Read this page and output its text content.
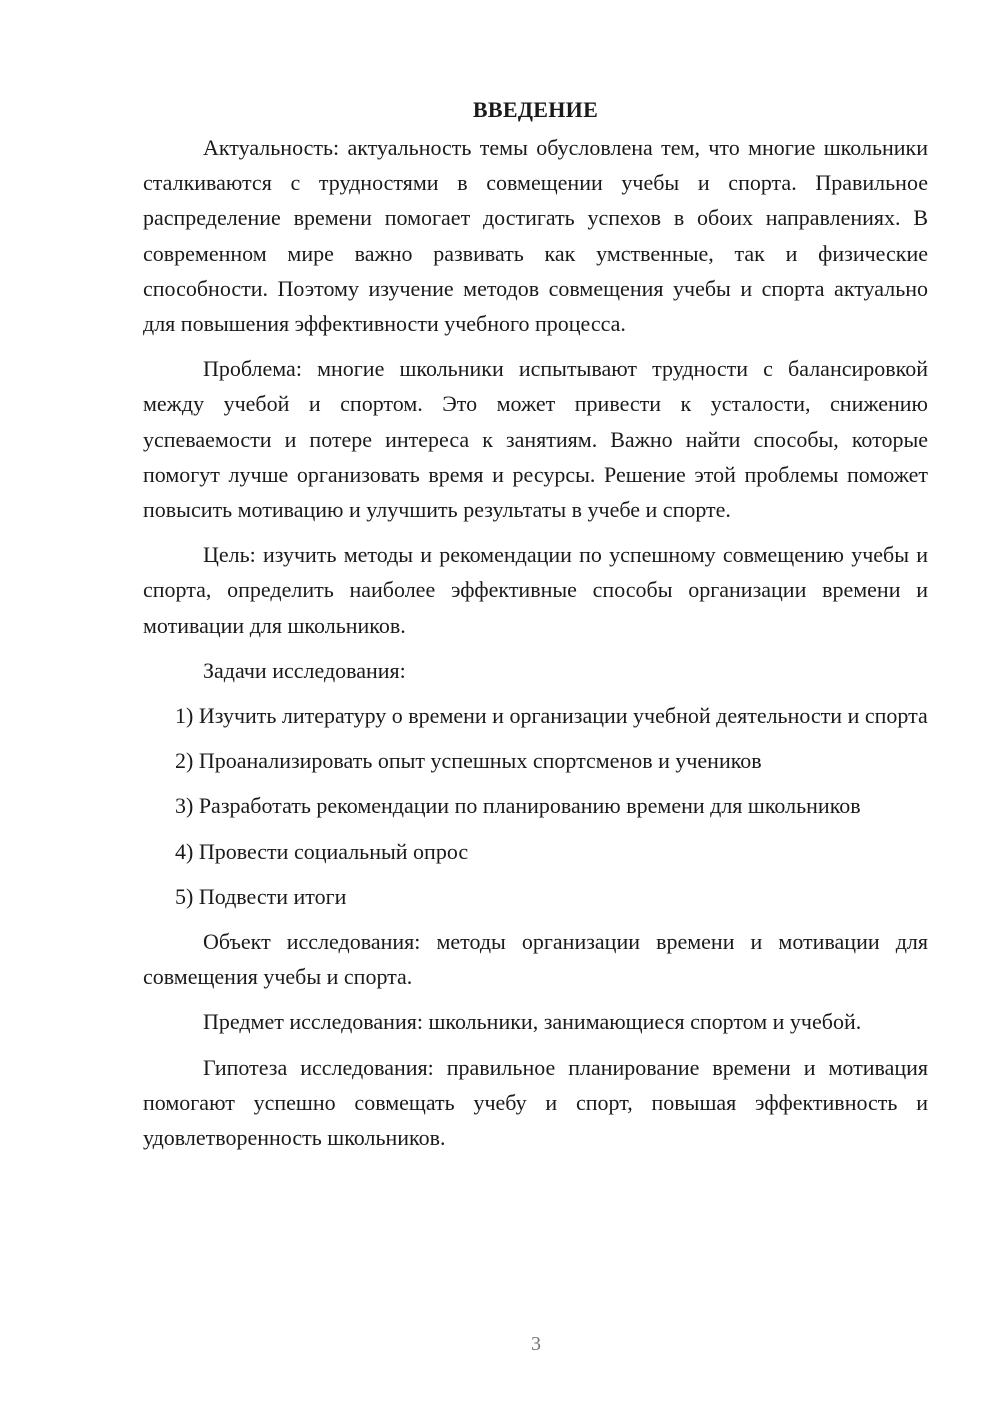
ВВЕДЕНИЕ

Актуальность: актуальность темы обусловлена тем, что многие школьники сталкиваются с трудностями в совмещении учебы и спорта. Правильное распределение времени помогает достигать успехов в обоих направлениях. В современном мире важно развивать как умственные, так и физические способности. Поэтому изучение методов совмещения учебы и спорта актуально для повышения эффективности учебного процесса.

Проблема: многие школьники испытывают трудности с балансировкой между учебой и спортом. Это может привести к усталости, снижению успеваемости и потере интереса к занятиям. Важно найти способы, которые помогут лучше организовать время и ресурсы. Решение этой проблемы поможет повысить мотивацию и улучшить результаты в учебе и спорте.

Цель: изучить методы и рекомендации по успешному совмещению учебы и спорта, определить наиболее эффективные способы организации времени и мотивации для школьников.

Задачи исследования:

1) Изучить литературу о времени и организации учебной деятельности и спорта

2) Проанализировать опыт успешных спортсменов и учеников

3) Разработать рекомендации по планированию времени для школьников

4) Провести социальный опрос

5) Подвести итоги

Объект исследования: методы организации времени и мотивации для совмещения учебы и спорта.

Предмет исследования: школьники, занимающиеся спортом и учебой.

Гипотеза исследования: правильное планирование времени и мотивация помогают успешно совмещать учебу и спорт, повышая эффективность и удовлетворенность школьников.

3
